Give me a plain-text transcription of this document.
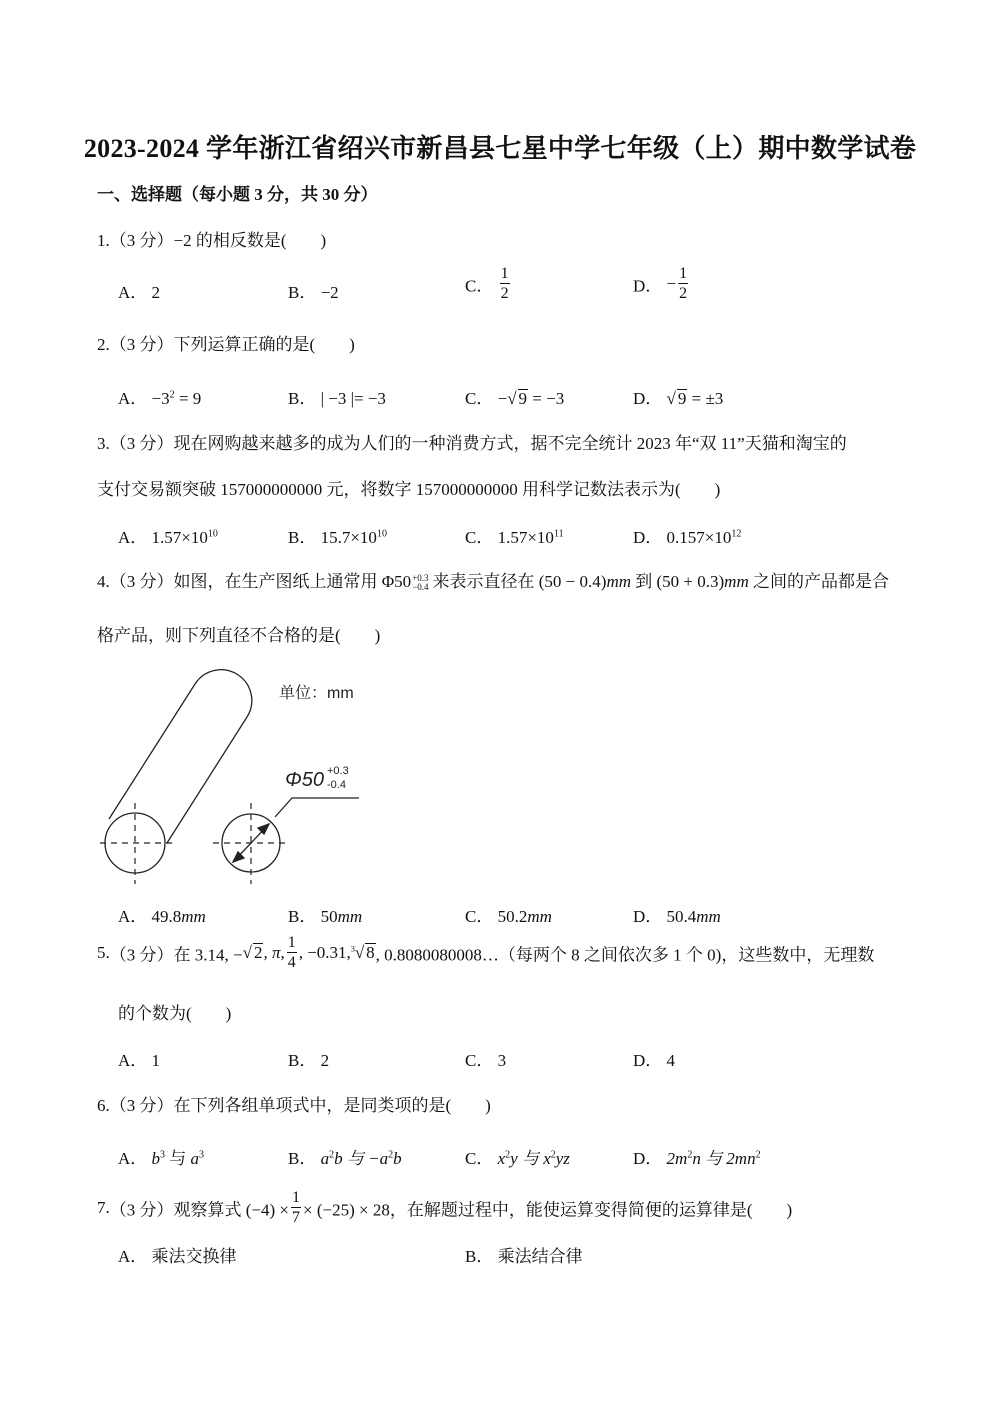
2023-2024 学年浙江省绍兴市新昌县七星中学七年级（上）期中数学试卷
一、选择题（每小题 3 分，共 30 分）
1.（3 分）−2 的相反数是(　　)
A． 2	B． −2	C． $\frac{1}{2}$	D． − $\frac{1}{2}$
2.（3 分）下列运算正确的是(　　)
A． $-3^2 = 9$	B． | −3 |= −3	C． −√ 9 = −3	D． √ 9 = ±3
3.（3 分）现在网购越来越多的成为人们的一种消费方式，据不完全统计 2023 年“双 11”天猫和淘宝的
支付交易额突破 157000000000 元，将数字 157000000000 用科学记数法表示为(　　)
A． $1.57\times 10^{10}$	B． $15.7\times 10^{10}$	C． $1.57\times 10^{11}$	D． $0.157\times 10^{12}$
4.（3 分）如图，在生产图纸上通常用 Φ50 +0.3
−0.4 来表示直径在 (50 − 0.4)mm 到 (50 + 0.3)mm 之间的产品都是合
格产品，则下列直径不合格的是(　　)
单位：mm
Φ50 +0.3
-0.4
A． 49.8mm	B． 50mm	C． 50.2mm	D． 50.4mm
5.（3 分）在 3.14, −√ 2, π, $\frac{1}{4}$ , −0.31,$^3$√ 8, 0.8080080008…（每两个 8 之间依次多 1 个 0)，这些数中，无理数
的个数为(　　)
A． 1	B． 2	C． 3	D． 4
6.（3 分）在下列各组单项式中，是同类项的是(　　)
A． $b^3$ 与 $a^3$	B． $a^2b$ 与 $-a^2b$	C． $x^2y$ 与 $x^2yz$	D． $2m^2n$ 与 $2mn^2$
7.（3 分）观察算式 $(-4) \times \frac{1}{7} \times (-25) \times 28$，在解题过程中，能使运算变得简便的运算律是(　　)
A． 乘法交换律	B． 乘法结合律
